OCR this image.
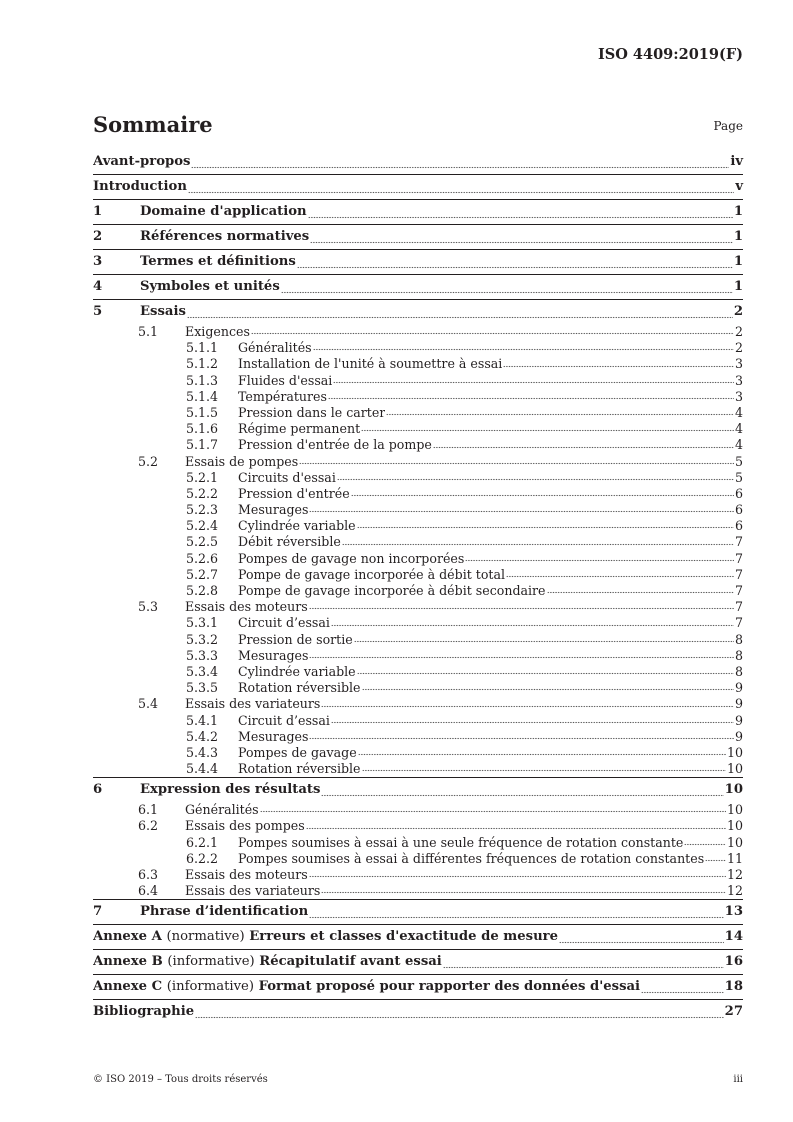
ISO 4409:2019(F)
Sommaire	Page
Avant-propos	iv
Introduction	v
1	Domaine d'application	1
2	Références normatives	1
3	Termes et définitions	1
4	Symboles et unités	1
5	Essais	2
5.1 Exigences	2
5.1.1 Généralités	2
5.1.2 Installation de l'unité à soumettre à essai	3
5.1.3 Fluides d'essai	3
5.1.4 Températures	3
5.1.5 Pression dans le carter	4
5.1.6 Régime permanent	4
5.1.7 Pression d'entrée de la pompe	4
5.2 Essais de pompes	5
5.2.1 Circuits d'essai	5
5.2.2 Pression d'entrée	6
5.2.3 Mesurages	6
5.2.4 Cylindrée variable	6
5.2.5 Débit réversible	7
5.2.6 Pompes de gavage non incorporées	7
5.2.7 Pompe de gavage incorporée à débit total	7
5.2.8 Pompe de gavage incorporée à débit secondaire	7
5.3 Essais des moteurs	7
5.3.1 Circuit d’essai	7
5.3.2 Pression de sortie	8
5.3.3 Mesurages	8
5.3.4 Cylindrée variable	8
5.3.5 Rotation réversible	9
5.4 Essais des variateurs	9
5.4.1 Circuit d’essai	9
5.4.2 Mesurages	9
5.4.3 Pompes de gavage	10
5.4.4 Rotation réversible	10
6	Expression des résultats	10
6.1 Généralités	10
6.2 Essais des pompes	10
6.2.1 Pompes soumises à essai à une seule fréquence de rotation constante	10
6.2.2 Pompes soumises à essai à différentes fréquences de rotation constantes 11
6.3 Essais des moteurs	12
6.4 Essais des variateurs	12
7	Phrase d’identification	13
Annexe A (normative) Erreurs et classes d'exactitude de mesure	14
Annexe B (informative) Récapitulatif avant essai	16
Annexe C (informative) Format proposé pour rapporter des données d'essai	18
Bibliographie	27
© ISO 2019 – Tous droits réservés	iii
